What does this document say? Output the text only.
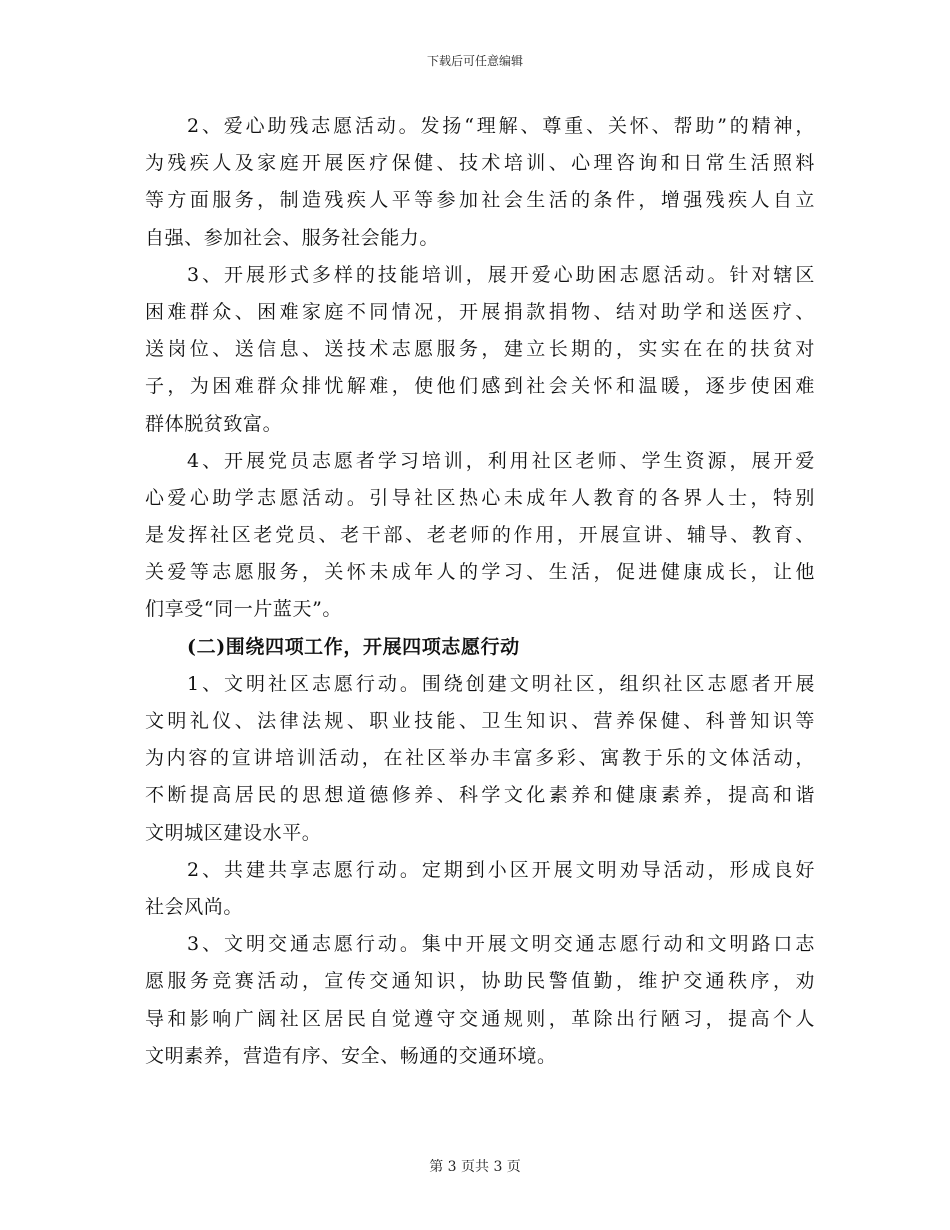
下载后可任意编辑
2、爱心助残志愿活动。发扬“理解、尊重、关怀、帮助”的精神，
为残疾人及家庭开展医疗保健、技术培训、心理咨询和日常生活照料
等方面服务，制造残疾人平等参加社会生活的条件，增强残疾人自立
自强、参加社会、服务社会能力。
3、开展形式多样的技能培训，展开爱心助困志愿活动。针对辖区
困难群众、困难家庭不同情况，开展捐款捐物、结对助学和送医疗、
送岗位、送信息、送技术志愿服务，建立长期的，实实在在的扶贫对
子，为困难群众排忧解难，使他们感到社会关怀和温暖，逐步使困难
群体脱贫致富。
4、开展党员志愿者学习培训，利用社区老师、学生资源，展开爱
心爱心助学志愿活动。引导社区热心未成年人教育的各界人士，特别
是发挥社区老党员、老干部、老老师的作用，开展宣讲、辅导、教育、
关爱等志愿服务，关怀未成年人的学习、生活，促进健康成长，让他
们享受“同一片蓝天”。
(二)围绕四项工作，开展四项志愿行动
1、文明社区志愿行动。围绕创建文明社区，组织社区志愿者开展
文明礼仪、法律法规、职业技能、卫生知识、营养保健、科普知识等
为内容的宣讲培训活动，在社区举办丰富多彩、寓教于乐的文体活动，
不断提高居民的思想道德修养、科学文化素养和健康素养，提高和谐
文明城区建设水平。
2、共建共享志愿行动。定期到小区开展文明劝导活动，形成良好
社会风尚。
3、文明交通志愿行动。集中开展文明交通志愿行动和文明路口志
愿服务竞赛活动，宣传交通知识，协助民警值勤，维护交通秩序，劝
导和影响广阔社区居民自觉遵守交通规则，革除出行陋习，提高个人
文明素养，营造有序、安全、畅通的交通环境。
第 3 页共 3 页
